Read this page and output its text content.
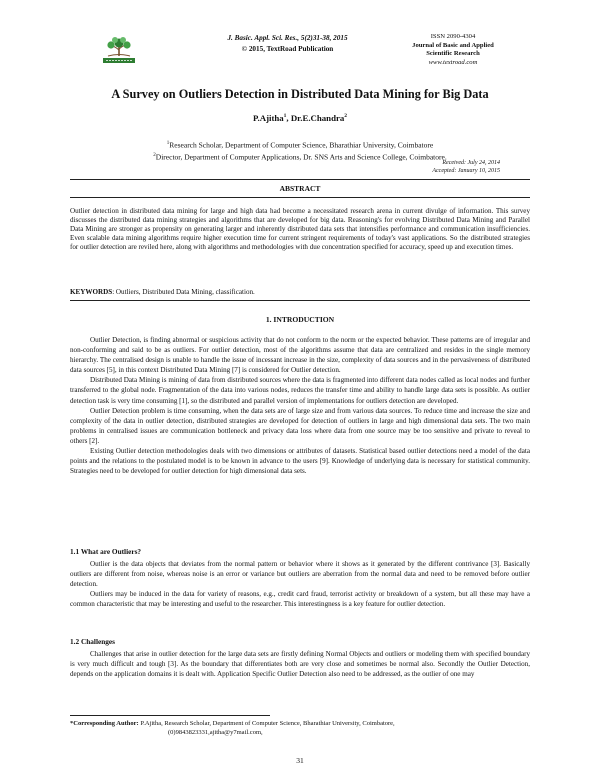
J. Basic. Appl. Sci. Res., 5(2)31-38, 2015
© 2015, TextRoad Publication
ISSN 2090-4304
Journal of Basic and Applied
Scientific Research
www.textroad.com
A Survey on Outliers Detection in Distributed Data Mining for Big Data
P.Ajitha$^1$, Dr.E.Chandra$^2$
$^1$Research Scholar, Department of Computer Science, Bharathiar University, Coimbatore
$^2$Director, Department of Computer Applications, Dr. SNS Arts and Science College, Coimbatore.
Received: July 24, 2014
Accepted: January 10, 2015
ABSTRACT
Outlier detection in distributed data mining for large and high data had become a necessitated research arena in current divulge of information. This survey discusses the distributed data mining strategies and algorithms that are developed for big data. Reasoning's for evolving Distributed Data Mining and Parallel Data Mining are stronger as propensity on generating larger and inherently distributed data sets that intensifies performance and communication insufficiencies. Even scalable data mining algorithms require higher execution time for current stringent requirements of today's vast applications. So the distributed strategies for outlier detection are reviled here, along with algorithms and methodologies with due concentration specified for accuracy, speed up and execution times.
KEYWORDS: Outliers, Distributed Data Mining, classification.
1. INTRODUCTION

Outlier Detection, is finding abnormal or suspicious activity that do not conform to the norm or the expected behavior. These patterns are of irregular and non-conforming and said to be as outliers. For outlier detection, most of the algorithms assume that data are centralized and resides in the single memory hierarchy. The centralised design is unable to handle the issue of incessant increase in the size, complexity of data sources and in the pervasiveness of distributed data sources [5], in this context Distributed Data Mining [7] is considered for Outlier detection.

Distributed Data Mining is mining of data from distributed sources where the data is fragmented into different data nodes called as local nodes and further transferred to the global node. Fragmentation of the data into various nodes, reduces the transfer time and ability to handle large data sets is possible. As outlier detection task is very time consuming [1], so the distributed and parallel version of implementations for outliers detection are developed.

Outlier Detection problem is time consuming, when the data sets are of large size and from various data sources. To reduce time and increase the size and complexity of the data in outlier detection, distributed strategies are developed for detection of outliers in large and high dimensional data sets. The two main problems in centralised issues are communication bottleneck and privacy data loss where data from one source may be too sensitive and private to reveal to others [2].

Existing Outlier detection methodologies deals with two dimensions or attributes of datasets. Statistical based outlier detections need a model of the data points and the relations to the postulated model is to be known in advance to the users [9]. Knowledge of underlying data is necessary for statistical community. Strategies need to be developed for outlier detection for high dimensional data sets.

1.1 What are Outliers?

Outlier is the data objects that deviates from the normal pattern or behavior where it shows as it generated by the different contrivance [3]. Basically outliers are different from noise, whereas noise is an error or variance but outliers are aberration from the normal data and need to be removed before outlier detection.

Outliers may be induced in the data for variety of reasons, e.g., credit card fraud, terrorist activity or breakdown of a system, but all these may have a common characteristic that may be interesting and useful to the researcher. This interestingness is a key feature for outlier detection.

1.2 Challenges

Challenges that arise in outlier detection for the large data sets are firstly defining Normal Objects and outliers or modeling them with specified boundary is very much difficult and tough [3]. As the boundary that differentiates both are very close and sometimes be normal also. Secondly the Outlier Detection, depends on the application domains it is dealt with. Application Specific Outlier Detection also need to be addressed, as the outlier of one may

*Corresponding Author: P.Ajitha, Research Scholar, Department of Computer Science, Bharathiar University, Coimbatore,
(0)9843823331,ajitha@y7mail.com,
31
